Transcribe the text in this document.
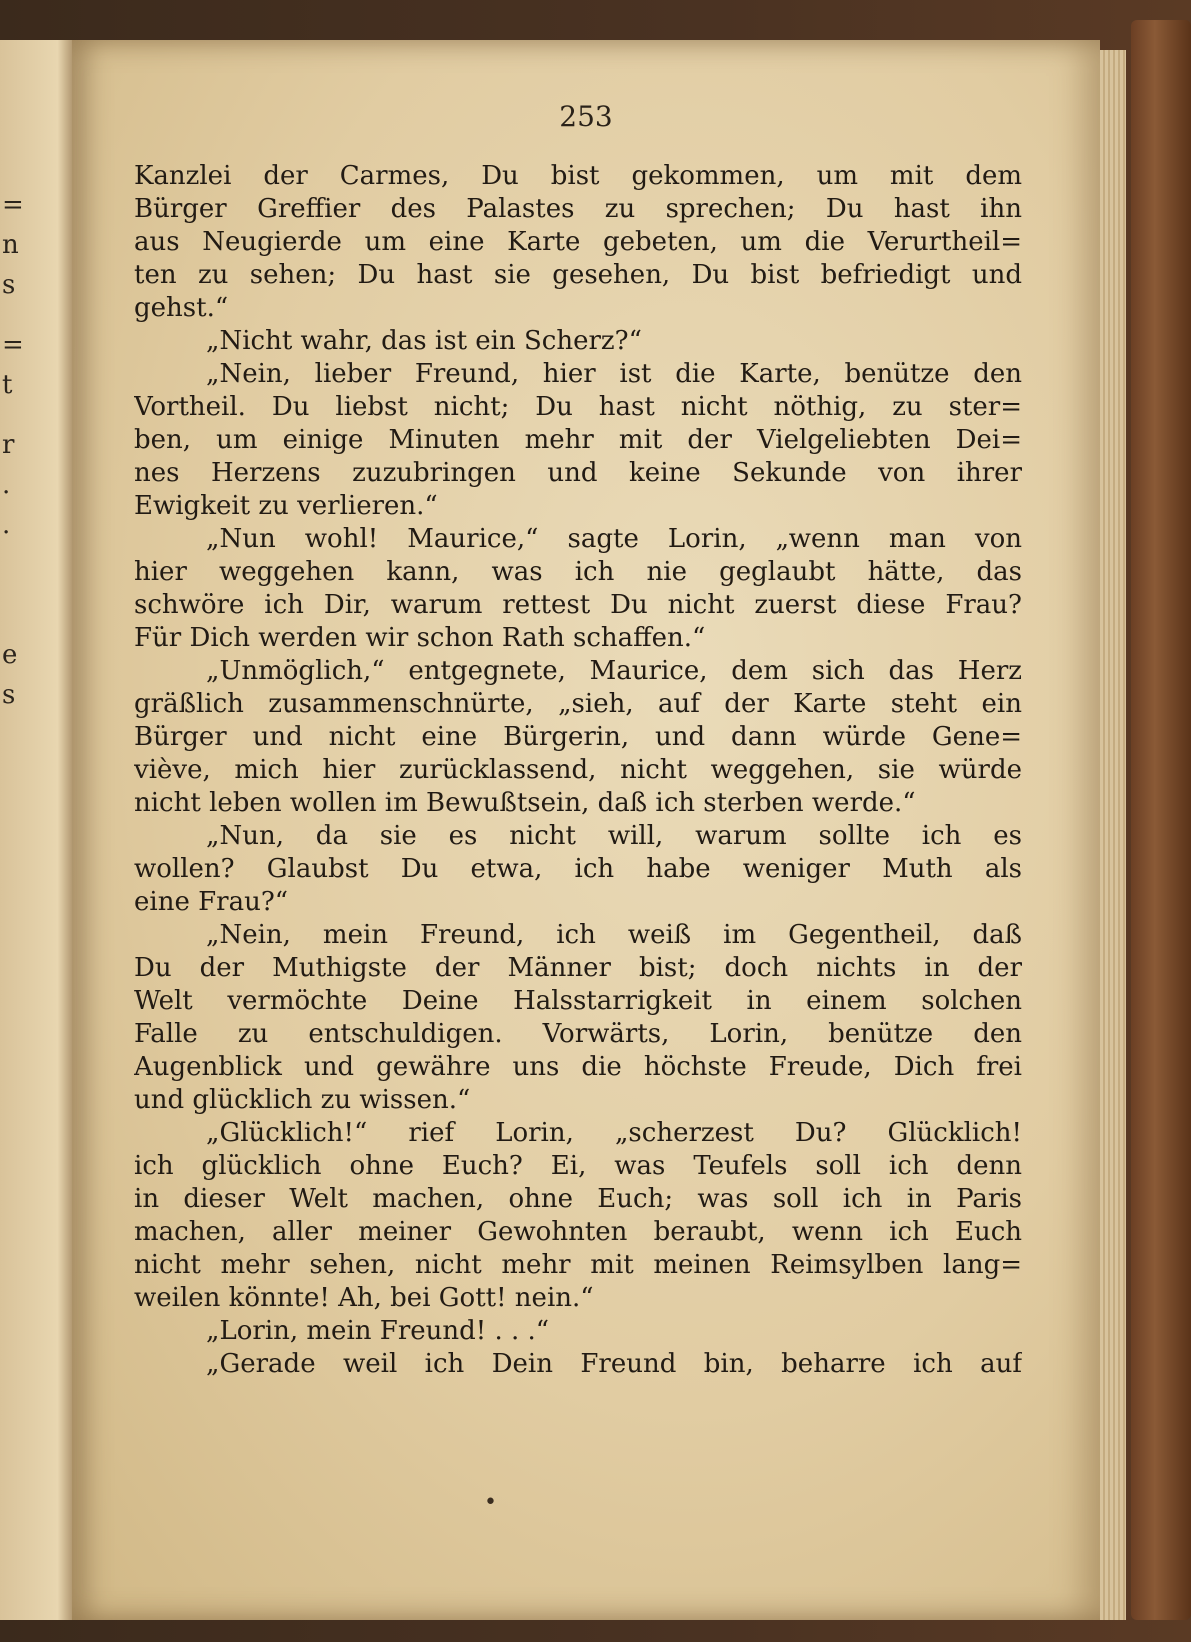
=
n
s
=
t
r
.
.
e
s
253
Kanzlei der Carmes, Du bist gekommen, um mit dem
Bürger Greffier des Palastes zu sprechen; Du hast ihn
aus Neugierde um eine Karte gebeten, um die Verurtheil=
ten zu sehen; Du hast sie gesehen, Du bist befriedigt und
gehst.“
„Nicht wahr, das ist ein Scherz?“
„Nein, lieber Freund, hier ist die Karte, benütze den
Vortheil. Du liebst nicht; Du hast nicht nöthig, zu ster=
ben, um einige Minuten mehr mit der Vielgeliebten Dei=
nes Herzens zuzubringen und keine Sekunde von ihrer
Ewigkeit zu verlieren.“
„Nun wohl! Maurice,“ sagte Lorin, „wenn man von
hier weggehen kann, was ich nie geglaubt hätte, das
schwöre ich Dir, warum rettest Du nicht zuerst diese Frau?
Für Dich werden wir schon Rath schaffen.“
„Unmöglich,“ entgegnete, Maurice, dem sich das Herz
gräßlich zusammenschnürte, „sieh, auf der Karte steht ein
Bürger und nicht eine Bürgerin, und dann würde Gene=
viève, mich hier zurücklassend, nicht weggehen, sie würde
nicht leben wollen im Bewußtsein, daß ich sterben werde.“
„Nun, da sie es nicht will, warum sollte ich es
wollen? Glaubst Du etwa, ich habe weniger Muth als
eine Frau?“
„Nein, mein Freund, ich weiß im Gegentheil, daß
Du der Muthigste der Männer bist; doch nichts in der
Welt vermöchte Deine Halsstarrigkeit in einem solchen
Falle zu entschuldigen. Vorwärts, Lorin, benütze den
Augenblick und gewähre uns die höchste Freude, Dich frei
und glücklich zu wissen.“
„Glücklich!“ rief Lorin, „scherzest Du? Glücklich!
ich glücklich ohne Euch? Ei, was Teufels soll ich denn
in dieser Welt machen, ohne Euch; was soll ich in Paris
machen, aller meiner Gewohnten beraubt, wenn ich Euch
nicht mehr sehen, nicht mehr mit meinen Reimsylben lang=
weilen könnte! Ah, bei Gott! nein.“
„Lorin, mein Freund! . . .“
„Gerade weil ich Dein Freund bin, beharre ich auf
•
